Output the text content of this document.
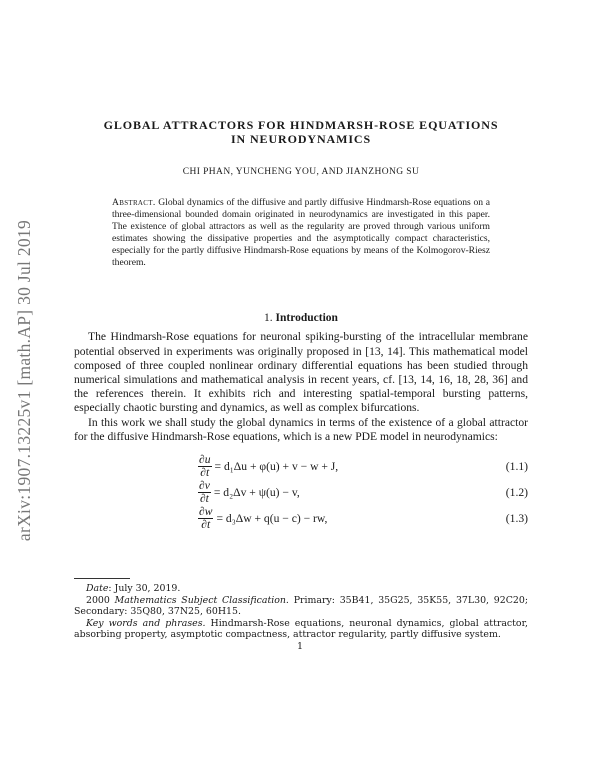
arXiv:1907.13225v1 [math.AP] 30 Jul 2019
GLOBAL ATTRACTORS FOR HINDMARSH-ROSE EQUATIONS
IN NEURODYNAMICS
CHI PHAN, YUNCHENG YOU, AND JIANZHONG SU
Abstract. Global dynamics of the diffusive and partly diffusive Hindmarsh-Rose equations on a three-dimensional bounded domain originated in neurodynamics are investigated in this paper. The existence of global attractors as well as the regularity are proved through various uniform estimates showing the dissipative properties and the asymptotically compact characteristics, especially for the partly diffusive Hindmarsh-Rose equations by means of the Kolmogorov-Riesz theorem.
1. Introduction

The Hindmarsh-Rose equations for neuronal spiking-bursting of the intracellular membrane potential observed in experiments was originally proposed in [13, 14]. This mathematical model composed of three coupled nonlinear ordinary differential equations has been studied through numerical simulations and mathematical analysis in recent years, cf. [13, 14, 16, 18, 28, 36] and the references therein. It exhibits rich and interesting spatial-temporal bursting patterns, especially chaotic bursting and dynamics, as well as complex bifurcations.

In this work we shall study the global dynamics in terms of the existence of a global attractor for the diffusive Hindmarsh-Rose equations, which is a new PDE model in neurodynamics:

$\frac{\partial u}{\partial t} = d_1\Delta u + \varphi(u) + v - w + J$,	(1.1)
$\frac{\partial v}{\partial t} = d_2\Delta v + \psi(u) - v$,	(1.2)
$\frac{\partial w}{\partial t} = d_3\Delta w + q(u - c)$ − rw,	(1.3)

Date: July 30, 2019.

2000 Mathematics Subject Classification. Primary: 35B41, 35G25, 35K55, 37L30, 92C20; Secondary: 35Q80, 37N25, 60H15.

Key words and phrases. Hindmarsh-Rose equations, neuronal dynamics, global attractor, absorbing property, asymptotic compactness, attractor regularity, partly diffusive system.

1
